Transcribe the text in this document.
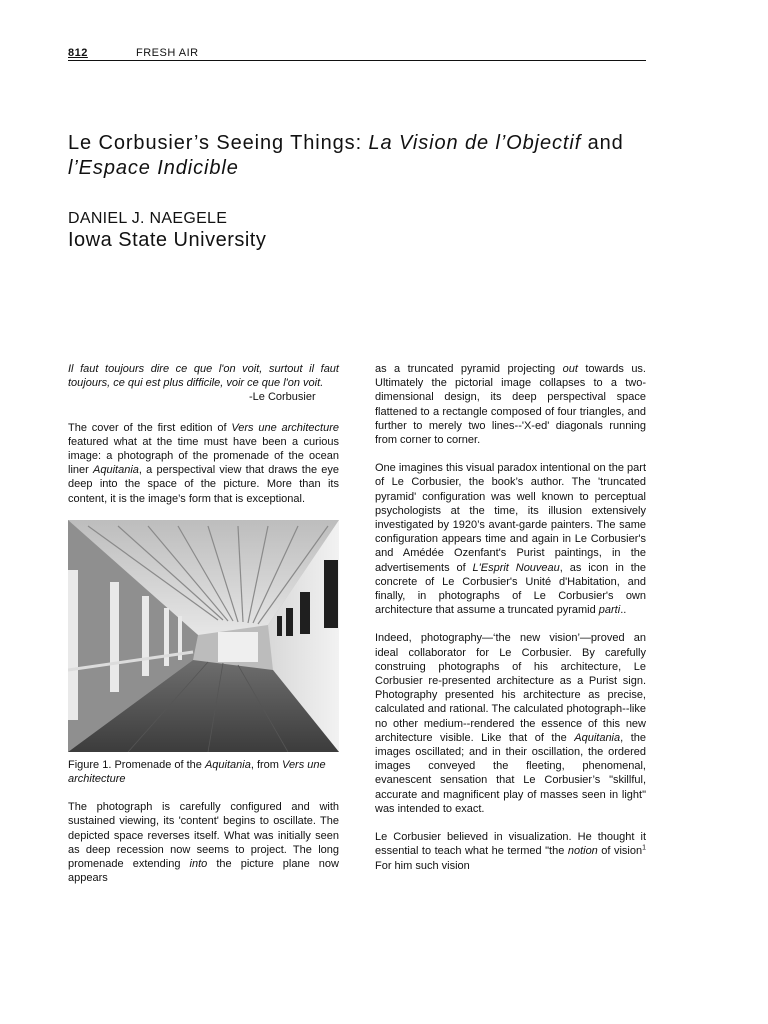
812	FRESH AIR
Le Corbusier’s Seeing Things: La Vision de l’Objectif and l’Espace Indicible
DANIEL J. NAEGELE
Iowa State University

Il faut toujours dire ce que l'on voit, surtout il faut toujours, ce qui est plus difficile, voir ce que l'on voit.

-Le Corbusier

The cover of the first edition of Vers une architecture featured what at the time must have been a curious image: a photograph of the promenade of the ocean liner Aquitania, a perspectival view that draws the eye deep into the space of the picture. More than its content, it is the image’s form that is exceptional.

Figure 1. Promenade of the Aquitania, from Vers une architecture

The photograph is carefully configured and with sustained viewing, its 'content' begins to oscillate. The depicted space reverses itself. What was initially seen as deep recession now seems to project. The long promenade extending into the picture plane now appears

as a truncated pyramid projecting out towards us. Ultimately the pictorial image collapses to a two-dimensional design, its deep perspectival space flattened to a rectangle composed of four triangles, and further to merely two lines--'X-ed' diagonals running from corner to corner.

One imagines this visual paradox intentional on the part of Le Corbusier, the book’s author. The 'truncated pyramid' configuration was well known to perceptual psychologists at the time, its illusion extensively investigated by 1920’s avant-garde painters. The same configuration appears time and again in Le Corbusier's and Amédée Ozenfant's Purist paintings, in the advertisements of L'Esprit Nouveau, as icon in the concrete of Le Corbusier's Unité d'Habitation, and finally, in photographs of Le Corbusier's own architecture that assume a truncated pyramid parti..

Indeed, photography—‘the new vision’—proved an ideal collaborator for Le Corbusier. By carefully construing photographs of his architecture, Le Corbusier re-presented architecture as a Purist sign. Photography presented his architecture as precise, calculated and rational. The calculated photograph--like no other medium--rendered the essence of this new architecture visible. Like that of the Aquitania, the images oscillated; and in their oscillation, the ordered images conveyed the fleeting, phenomenal, evanescent sensation that Le Corbusier’s "skillful, accurate and magnificent play of masses seen in light" was intended to exact.

Le Corbusier believed in visualization. He thought it essential to teach what he termed "the notion of vision$^1$ For him such vision
